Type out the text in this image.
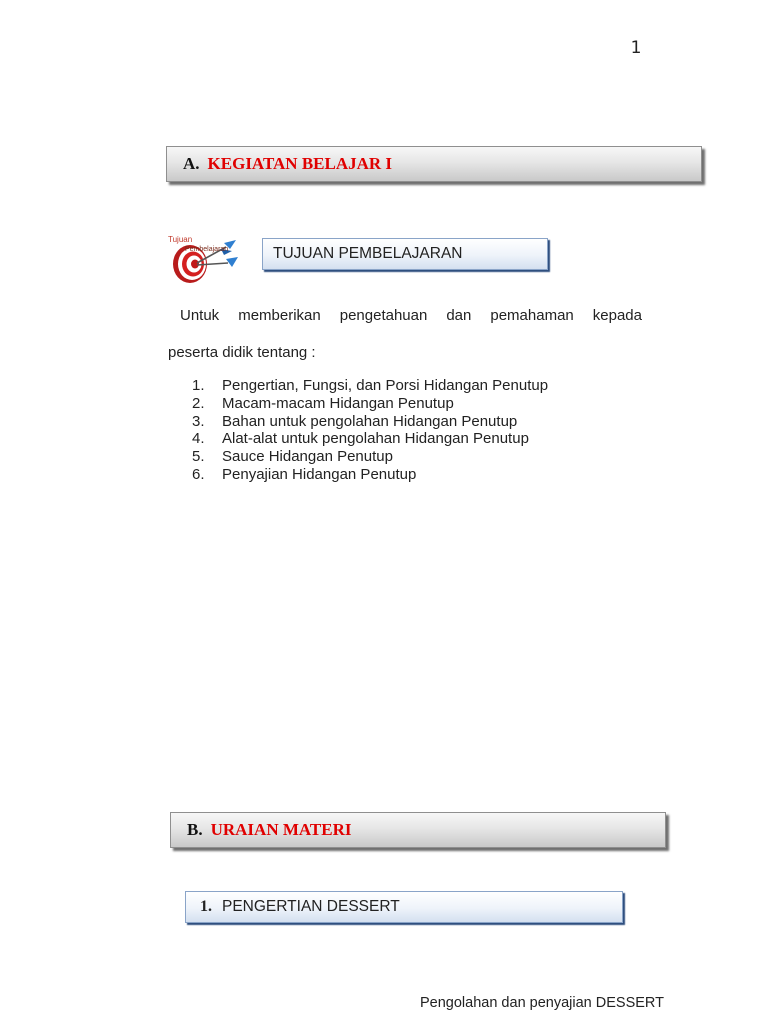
1
A. KEGIATAN BELAJAR I
Tujuan
Pembelajaran	TUJUAN PEMBELAJARAN
Untuk memberikan pengetahuan dan pemahaman kepada
peserta didik tentang :
1.	Pengertian, Fungsi, dan Porsi Hidangan Penutup
2.	Macam-macam Hidangan Penutup
3.	Bahan untuk pengolahan Hidangan Penutup
4.	Alat-alat untuk pengolahan Hidangan Penutup
5.	Sauce Hidangan Penutup
6.	Penyajian Hidangan Penutup
B. URAIAN MATERI
1. PENGERTIAN DESSERT
Pengolahan dan penyajian DESSERT
